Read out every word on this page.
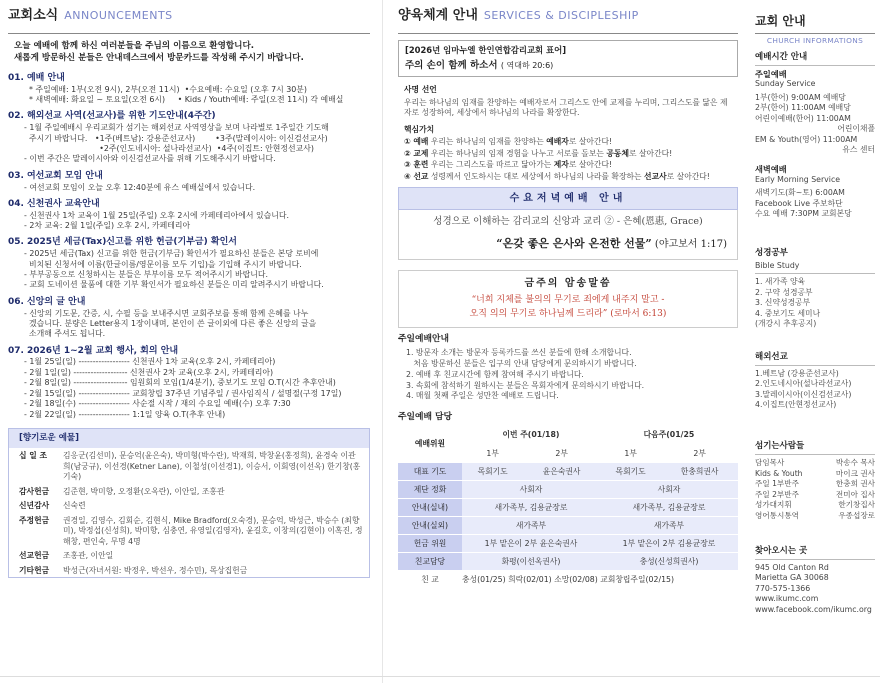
교회소식 ANNOUNCEMENTS
오늘 예배에 함께 하신 여러분들을 주님의 이름으로 환영합니다.
새롭게 방문하신 분들은 안내데스크에서 방문카드를 작성해 주시기 바랍니다.
01. 예배 안내
* 주일예배: 1부(오전 9시), 2부(오전 11시)  •수요예배: 수요일 (오후 7시 30분)
* 새벽예배: 화요일 ~ 토요일(오전 6시)     • Kids / Youth예배: 주일(오전 11시) 각 예배실
02. 해외선교 사역(선교사)를 위한 기도안내(4주간)
- 1월 주일예배시 우리교회가 섬기는 해외선교 사역영상을 보며 나라별로 1주일간 기도해
주시기 바랍니다.   •1주(베트남): 강용준선교사)        •3주(말레이시아: 이신검선교사)
•2주(인도네시아: 설나라선교사)  •4주(이집트: 안현정선교사)
- 이번 주간은 말레이시아와 이신검선교사를 위해 기도해주시기 바랍니다.
03. 여선교회 모임 안내
- 여선교회 모임이 오늘 오후 12:40분에 유스 예배실에서 있습니다.
04. 신천권사 교육안내
- 신천권사 1차 교육이 1월 25일(주일) 오후 2시에 카페테리아에서 있습니다.
- 2차 교육: 2월 1일(주일) 오후 2시, 카페테리아
05. 2025년 세금(Tax)신고를 위한 헌금(기부금) 확인서
- 2025년 세금(Tax) 신고를 위한 헌금(기부금) 확인서가 필요하신 분들은 본당 로비에
비치된 신청서에 이름(한글이름/영문이름 모두 기입)을 기입해 주시기 바랍니다.
- 부부공동으로 신청하시는 분들은 부부이름 모두 적어주시기 바랍니다.
- 교회 도네이션 물품에 대한 기부 확인서가 필요하신 분들은 미리 알려주시기 바랍니다.
06. 신앙의 글 안내
- 신앙의 기도문, 간증, 시, 수필 등을 보내주시면 교회주보를 통해 함께 은혜를 나누
겠습니다. 분량은 Letter용지 1장이내며, 본인이 쓴 글이외에 다른 좋은 신앙의 글을
소개해 주셔도 됩니다.
07. 2026년 1~2월 교회 행사, 회의 안내
- 1월 25일(일) ------------------ 신천권사 1차 교육(오후 2시, 카페테리아)
- 2월 1일(일) ------------------- 신천권사 2차 교육(오후 2시, 카페테리아)
- 2월 8일(일) ------------------- 임원회의 모임(1/4분기), 중보기도 모임 O.T(시간 추후안내)
- 2월 15일(일) ------------------ 교회창립 37주년 기념주일 / 권사임직식 / 설명절(구정 17일)
- 2월 18일(수) ------------------ 사순절 시작 / 재의 수요일 예배(수) 오후 7:30
- 2월 22일(일) ------------------ 1:1일 양육 O.T(추후 안내)
[향기로운 예물]
십 일 조	김응군(김선미), 문승억(윤은숙), 박미형(박수란), 박재희, 박창윤(홍정희), 윤경숙 이관희(남궁규), 이선경(Ketner Lane), 이철성(이선경1), 이승서, 이회영(이선옥) 한기창(홍기숙)
감사헌금	김준현, 박미향, 오정환(오옥란), 이안일, 조홍관
신년감사	신숙련
주정헌금	권경일, 김영수, 김회순, 김현식, Mike Bradford(오숙경), 문승억, 박성근, 박승수 (최향미), 박정섭(신성희), 박미향, 심충연, 유영일(김영자), 윤길호, 이창의(김현이) 이혹진, 정해창, 편인숙, 무명 4명
선교헌금	조홍관, 이안일
기타헌금	박성근(자녀서원: 박정우, 박선우, 정수민), 목상집헌금
양육체계 안내 SERVICES & DISCIPLESHIP
[2026년 임마누엘 한인연합감리교회 표어]
주의 손이 함께 하소서 ( 역대하 20:6)
사명 선언
우리는 하나님의 임재를 찬양하는 예배자로서 그리스도 안에 교제를 누리며, 그리스도를 닮은 제자로 성장하여, 세상에서 하나님의 나라를 확장한다.
핵심가치
① 예배 우리는 하나님의 임재를 찬양하는 예배자로 살아간다!
② 교제 우리는 하나님의 임재 경험을 나누고 서로를 돌보는 공동체로 살아간다!
③ 훈련 우리는 그리스도를 따르고 닮아가는 제자로 살아간다!
④ 선교 성령께서 인도하시는 대로 세상에서 하나님의 나라를 확장하는 선교사로 살아간다!
수요저녁예배 안내
성경으로 이해하는 감리교의 신앙과 교리 ② - 은혜(恩惠, Grace)
“온갖 좋은 은사와 온전한 선물” (야고보서 1:17)
금주의 암송말씀
“너희 지체를 불의의 무기로 죄에게 내주지 말고 -
오직 의의 무기로 하나님께 드리라” (로마서 6:13)
주일예배안내
1. 방문자 소개는 방문자 등록카드를 쓰신 분들에 한해 소개합니다.
처음 방문하신 분들은 입구의 안내 담당에게 문의하시기 바랍니다.
2. 예배 후 친교시간에 함께 참여해 주시기 바랍니다.
3. 속회에 참석하기 원하시는 분들은 목회자에게 문의하시기 바랍니다.
4. 매월 첫째 주일은 성만찬 예배로 드립니다.
주일예배 담당
예배위원	이번 주(01/18)		다음주(01/25	
	1부	2부	1부	2부
대표 기도	목회기도	윤은숙권사	목회기도	한충희권사
제단 정화	사회자		사회자	
안내(실내)	새가족부, 김용균장로		새가족부, 김용균장로	
안내(실외)	새가족부		새가족부	
헌금 위원	1부 맡은이 2부 윤은숙권사		1부 맡은이 2부 김용균장로	
친교담당	화평(이선옥권사)		충성(신성희권사)	
친 교	충성(01/25) 희락(02/01) 소망(02/08) 교회창립주일(02/15)			
교회 안내
CHURCH INFORMATIONS
예배시간 안내
주일예배
Sunday Service
1부(한어) 9:00AM 예배당
2부(한어) 11:00AM 예배당
어린이예배(한어) 11:00AM
어린이채플
EM & Youth(영어) 11:00AM
유스 센터
새벽예배
Early Morning Service
새벽기도(화~토) 6:00AM
Facebook Live 주보하단
수요 예배 7:30PM 교회본당
성경공부
Bible Study
1. 새가족 양육
2. 구약 성경공부
3. 신약성경공부
4. 중보기도 세미나
(개강시 추후공지)
해외선교
1.베트남 (강용준선교사)
2.인도네시아(설나라선교사)
3.말레이시아(이신검선교사)
4.이집트(안현정선교사)
섬기는사람들
담임목사	박송수 목사
Kids & Youth	마이크 권사
주일 1부반주	한충희 권사
주일 2부반주	전미아 집사
성가대지휘	한기창집사
영어통시통역	우종섭장로
찾아오시는 곳
945 Old Canton Rd
Marietta GA 30068
770-575-1366
www.ikumc.com
www.facebook.com/ikumc.org
